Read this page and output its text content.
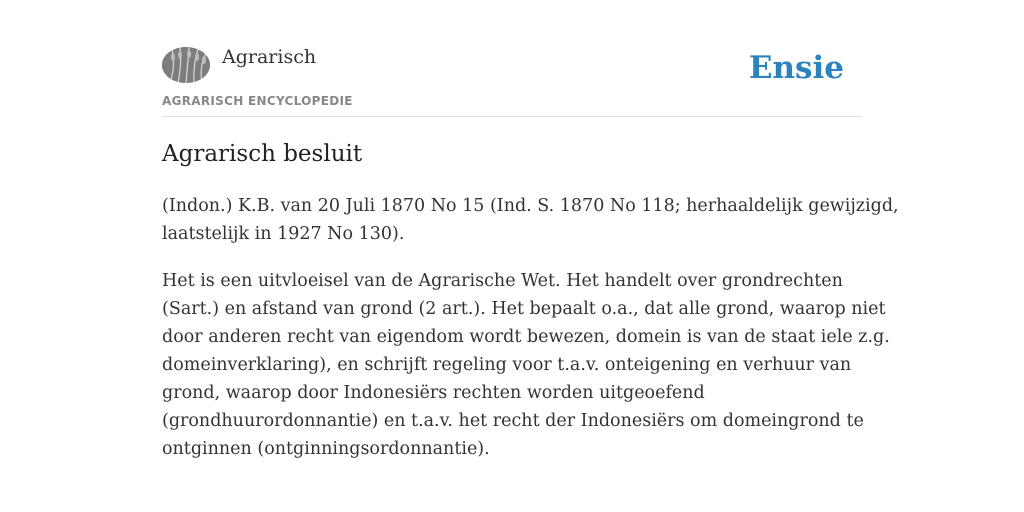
Agrarisch
AGRARISCH ENCYCLOPEDIE
Ensie
Agrarisch besluit

(Indon.) K.B. van 20 Juli 1870 No 15 (Ind. S. 1870 No 118; herhaaldelijk gewijzigd,
laatstelijk in 1927 No 130).

Het is een uitvloeisel van de Agrarische Wet. Het handelt over grondrechten
(Sart.) en afstand van grond (2 art.). Het bepaalt o.a., dat alle grond, waarop niet
door anderen recht van eigendom wordt bewezen, domein is van de staat iele z.g.
domeinverklaring), en schrijft regeling voor t.a.v. onteigening en verhuur van
grond, waarop door Indonesiërs rechten worden uitgeoefend
(grondhuurordonnantie) en t.a.v. het recht der Indonesiërs om domeingrond te
ontginnen (ontginningsordonnantie).
